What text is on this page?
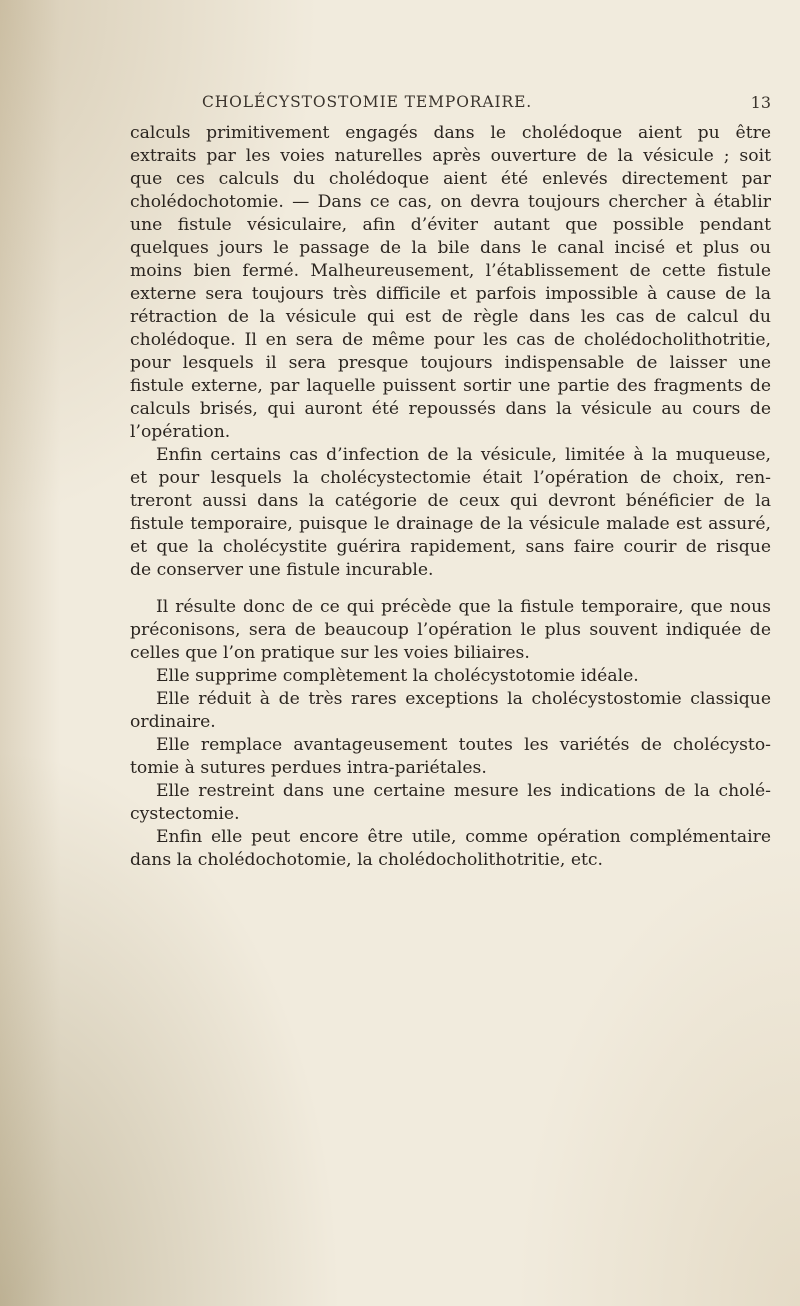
CHOLÉCYSTOSTOMIE TEMPORAIRE.	13
calculs primitivement engagés dans le cholédoque aient pu être
extraits par les voies naturelles après ouverture de la vésicule ; soit
que ces calculs du cholédoque aient été enlevés directement par
cholédochotomie. — Dans ce cas, on devra toujours chercher à établir
une fistule vésiculaire, afin d’éviter autant que possible pendant
quelques jours le passage de la bile dans le canal incisé et plus ou
moins bien fermé. Malheureusement, l’établissement de cette fistule
externe sera toujours très difficile et parfois impossible à cause de la
rétraction de la vésicule qui est de règle dans les cas de calcul du
cholédoque. Il en sera de même pour les cas de cholédocholithotritie,
pour lesquels il sera presque toujours indispensable de laisser une
fistule externe, par laquelle puissent sortir une partie des fragments de
calculs brisés, qui auront été repoussés dans la vésicule au cours de
l’opération.
Enfin certains cas d’infection de la vésicule, limitée à la muqueuse,
et pour lesquels la cholécystectomie était l’opération de choix, ren-
treront aussi dans la catégorie de ceux qui devront bénéficier de la
fistule temporaire, puisque le drainage de la vésicule malade est assuré,
et que la cholécystite guérira rapidement, sans faire courir de risque
de conserver une fistule incurable.
Il résulte donc de ce qui précède que la fistule temporaire, que nous
préconisons, sera de beaucoup l’opération le plus souvent indiquée de
celles que l’on pratique sur les voies biliaires.
Elle supprime complètement la cholécystotomie idéale.
Elle réduit à de très rares exceptions la cholécystostomie classique
ordinaire.
Elle remplace avantageusement toutes les variétés de cholécysto-
tomie à sutures perdues intra-pariétales.
Elle restreint dans une certaine mesure les indications de la cholé-
cystectomie.
Enfin elle peut encore être utile, comme opération complémentaire
dans la cholédochotomie, la cholédocholithotritie, etc.
